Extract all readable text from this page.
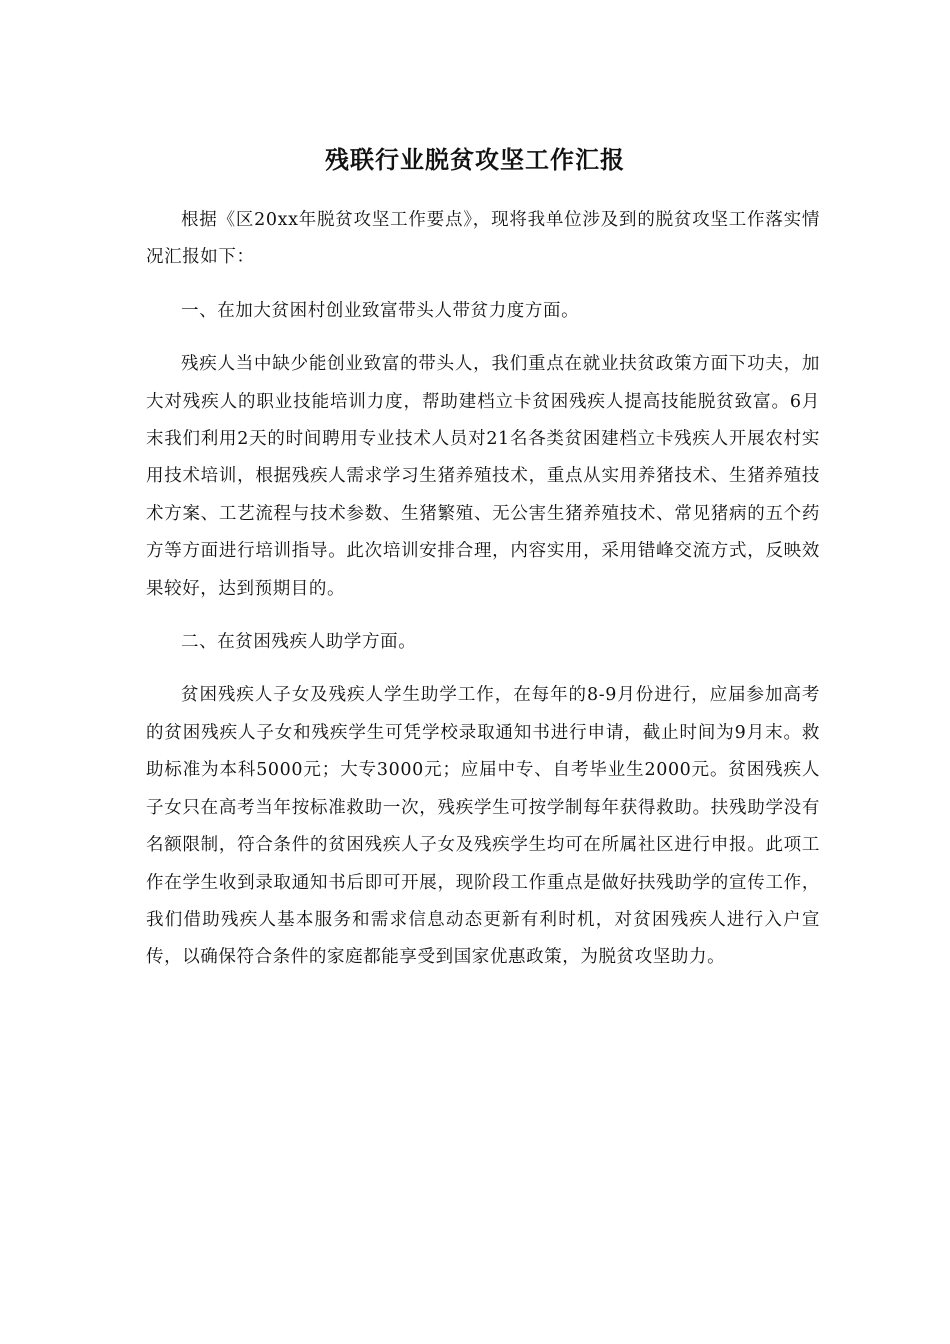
残联行业脱贫攻坚工作汇报

根据《区20xx年脱贫攻坚工作要点》，现将我单位涉及到的脱贫攻坚工作落实情况汇报如下：

一、在加大贫困村创业致富带头人带贫力度方面。

残疾人当中缺少能创业致富的带头人，我们重点在就业扶贫政策方面下功夫，加大对残疾人的职业技能培训力度，帮助建档立卡贫困残疾人提高技能脱贫致富。6月末我们利用2天的时间聘用专业技术人员对21名各类贫困建档立卡残疾人开展农村实用技术培训，根据残疾人需求学习生猪养殖技术，重点从实用养猪技术、生猪养殖技术方案、工艺流程与技术参数、生猪繁殖、无公害生猪养殖技术、常见猪病的五个药方等方面进行培训指导。此次培训安排合理，内容实用，采用错峰交流方式，反映效果较好，达到预期目的。

二、在贫困残疾人助学方面。

贫困残疾人子女及残疾人学生助学工作，在每年的8-9月份进行，应届参加高考的贫困残疾人子女和残疾学生可凭学校录取通知书进行申请，截止时间为9月末。救助标准为本科5000元；大专3000元；应届中专、自考毕业生2000元。贫困残疾人子女只在高考当年按标准救助一次，残疾学生可按学制每年获得救助。扶残助学没有名额限制，符合条件的贫困残疾人子女及残疾学生均可在所属社区进行申报。此项工作在学生收到录取通知书后即可开展，现阶段工作重点是做好扶残助学的宣传工作，我们借助残疾人基本服务和需求信息动态更新有利时机，对贫困残疾人进行入户宣传，以确保符合条件的家庭都能享受到国家优惠政策，为脱贫攻坚助力。
